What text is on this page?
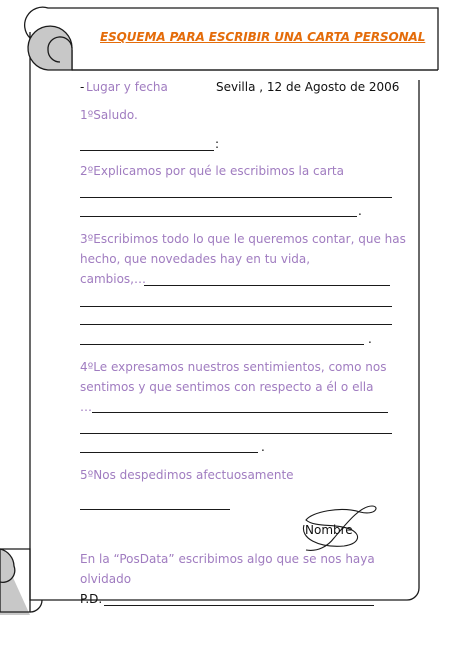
ESQUEMA PARA ESCRIBIR UNA CARTA PERSONAL
- Lugar y fecha	Sevilla , 12 de Agosto de 2006
1ºSaludo.
:
2ºExplicamos por qué le escribimos la carta
.
3ºEscribimos todo lo que le queremos contar, que has
hecho, que novedades hay en tu vida,
cambios,…
.
4ºLe expresamos nuestros sentimientos, como nos
sentimos y que sentimos con respecto a él o ella
…
.
5ºNos despedimos afectuosamente
Nombre
En la “PosData” escribimos algo que se nos haya
olvidado
P.D.
